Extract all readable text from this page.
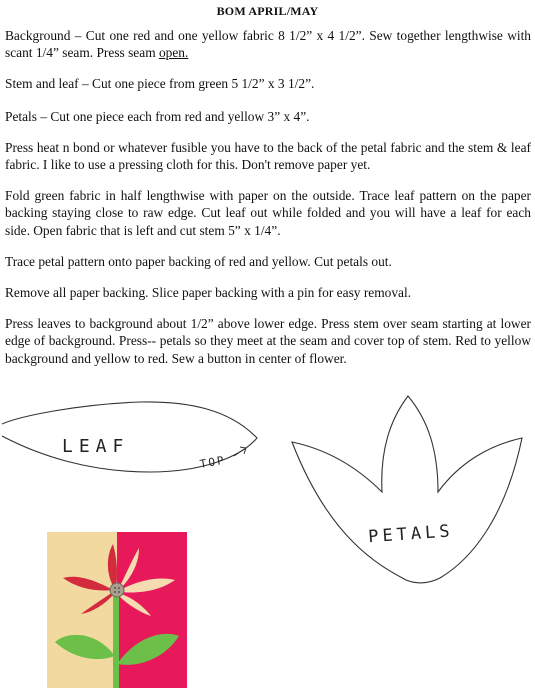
BOM APRIL/MAY

Background – Cut one red and one yellow fabric 8 1/2” x 4 1/2”. Sew together lengthwise with scant 1/4” seam. Press seam open.

Stem and leaf – Cut one piece from green 5 1/2” x 3 1/2”.

Petals – Cut one piece each from red and yellow 3” x 4”.

Press heat n bond or whatever fusible you have to the back of the petal fabric and the stem & leaf fabric. I like to use a pressing cloth for this. Don't remove paper yet.

Fold green fabric in half lengthwise with paper on the outside. Trace leaf pattern on the paper backing staying close to raw edge. Cut leaf out while folded and you will have a leaf for each side. Open fabric that is left and cut stem 5” x 1/4”.

Trace petal pattern onto paper backing of red and yellow. Cut petals out.

Remove all paper backing. Slice paper backing with a pin for easy removal.

Press leaves to background about 1/2” above lower edge. Press stem over seam starting at lower edge of background. Press-- petals so they meet at the seam and cover top of stem. Red to yellow background and yellow to red. Sew a button in center of flower.

LEAF
TOP
PETALS
